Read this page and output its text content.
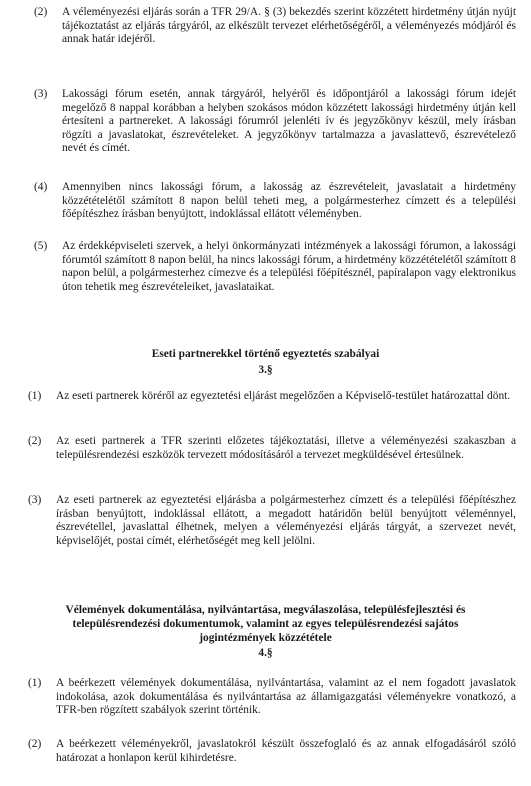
(2)	A véleményezési eljárás során a TFR 29/A. § (3) bekezdés szerint közzétett hirdetmény útján nyújt tájékoztatást az eljárás tárgyáról, az elkészült tervezet elérhetőségéről, a véleményezés módjáról és annak határ idejéről.
(3)	Lakossági fórum esetén, annak tárgyáról, helyéről és időpontjáról a lakossági fórum idejét megelőző 8 nappal korábban a helyben szokásos módon közzétett lakossági hirdetmény útján kell értesíteni a partnereket. A lakossági fórumról jelenléti ív és jegyzőkönyv készül, mely írásban rögzíti a javaslatokat, észrevételeket. A jegyzőkönyv tartalmazza a javaslattevő, észrevételező nevét és címét.
(4)	Amennyiben nincs lakossági fórum, a lakosság az észrevételeit, javaslatait a hirdetmény közzétételétől számított 8 napon belül teheti meg, a polgármesterhez címzett és a települési főépítészhez írásban benyújtott, indoklással ellátott véleményben.
(5)	Az érdekképviseleti szervek, a helyi önkormányzati intézmények a lakossági fórumon, a lakossági fórumtól számított 8 napon belül, ha nincs lakossági fórum, a hirdetmény közzétételétől számított 8 napon belül, a polgármesterhez címezve és a települési főépítésznél, papíralapon vagy elektronikus úton tehetik meg észrevételeiket, javaslataikat.
Eseti partnerekkel történő egyeztetés szabályai
3.§
(1)	Az eseti partnerek köréről az egyeztetési eljárást megelőzően a Képviselő-testület határozattal dönt.
(2)	Az eseti partnerek a TFR szerinti előzetes tájékoztatási, illetve a véleményezési szakaszban a településrendezési eszközök tervezett módosításáról a tervezet megküldésével értesülnek.
(3)	Az eseti partnerek az egyeztetési eljárásba a polgármesterhez címzett és a települési főépítészhez írásban benyújtott, indoklással ellátott, a megadott határidőn belül benyújtott véleménnyel, észrevétellel, javaslattal élhetnek, melyen a véleményezési eljárás tárgyát, a szervezet nevét, képviselőjét, postai címét, elérhetőségét meg kell jelölni.
Vélemények dokumentálása, nyilvántartása, megválaszolása, településfejlesztési és
településrendezési dokumentumok, valamint az egyes településrendezési sajátos
jogintézmények közzététele
4.§
(1)	A beérkezett vélemények dokumentálása, nyilvántartása, valamint az el nem fogadott javaslatok indokolása, azok dokumentálása és nyilvántartása az államigazgatási véleményekre vonatkozó, a TFR-ben rögzített szabályok szerint történik.
(2)	A beérkezett véleményekről, javaslatokról készült összefoglaló és az annak elfogadásáról szóló határozat a honlapon kerül kihirdetésre.
